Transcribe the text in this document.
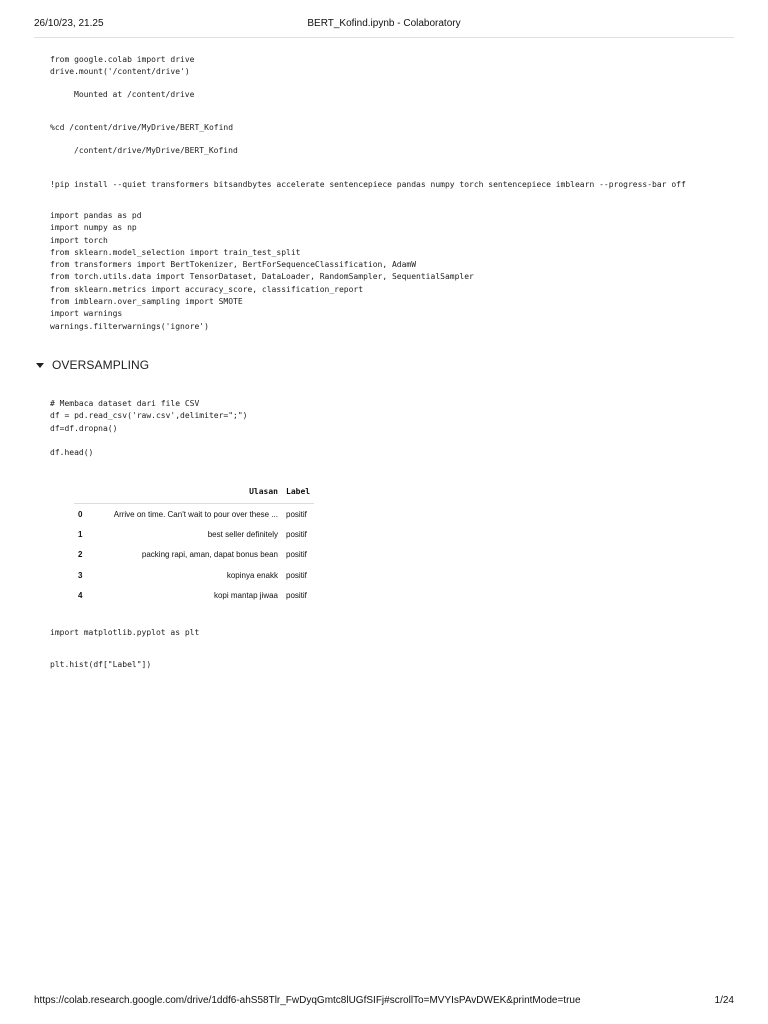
26/10/23, 21.25	BERT_Kofind.ipynb - Colaboratory
from google.colab import drive
drive.mount('/content/drive')
Mounted at /content/drive
%cd /content/drive/MyDrive/BERT_Kofind
/content/drive/MyDrive/BERT_Kofind
!pip install --quiet transformers bitsandbytes accelerate sentencepiece pandas numpy torch sentencepiece imblearn --progress-bar off
import pandas as pd
import numpy as np
import torch
from sklearn.model_selection import train_test_split
from transformers import BertTokenizer, BertForSequenceClassification, AdamW
from torch.utils.data import TensorDataset, DataLoader, RandomSampler, SequentialSampler
from sklearn.metrics import accuracy_score, classification_report
from imblearn.over_sampling import SMOTE
import warnings
warnings.filterwarnings('ignore')
OVERSAMPLING
# Membaca dataset dari file CSV
df = pd.read_csv('raw.csv',delimiter=";")
df=df.dropna()
df.head()
	Ulasan	Label
0	Arrive on time. Can't wait to pour over these ...	positif
1	best seller definitely	positif
2	packing rapi, aman, dapat bonus bean	positif
3	kopinya enakk	positif
4	kopi mantap jiwaa	positif
import matplotlib.pyplot as plt
plt.hist(df["Label"])
https://colab.research.google.com/drive/1ddf6-ahS58Tlr_FwDyqGmtc8lUGfSIFj#scrollTo=MVYIsPAvDWEK&printMode=true	1/24
